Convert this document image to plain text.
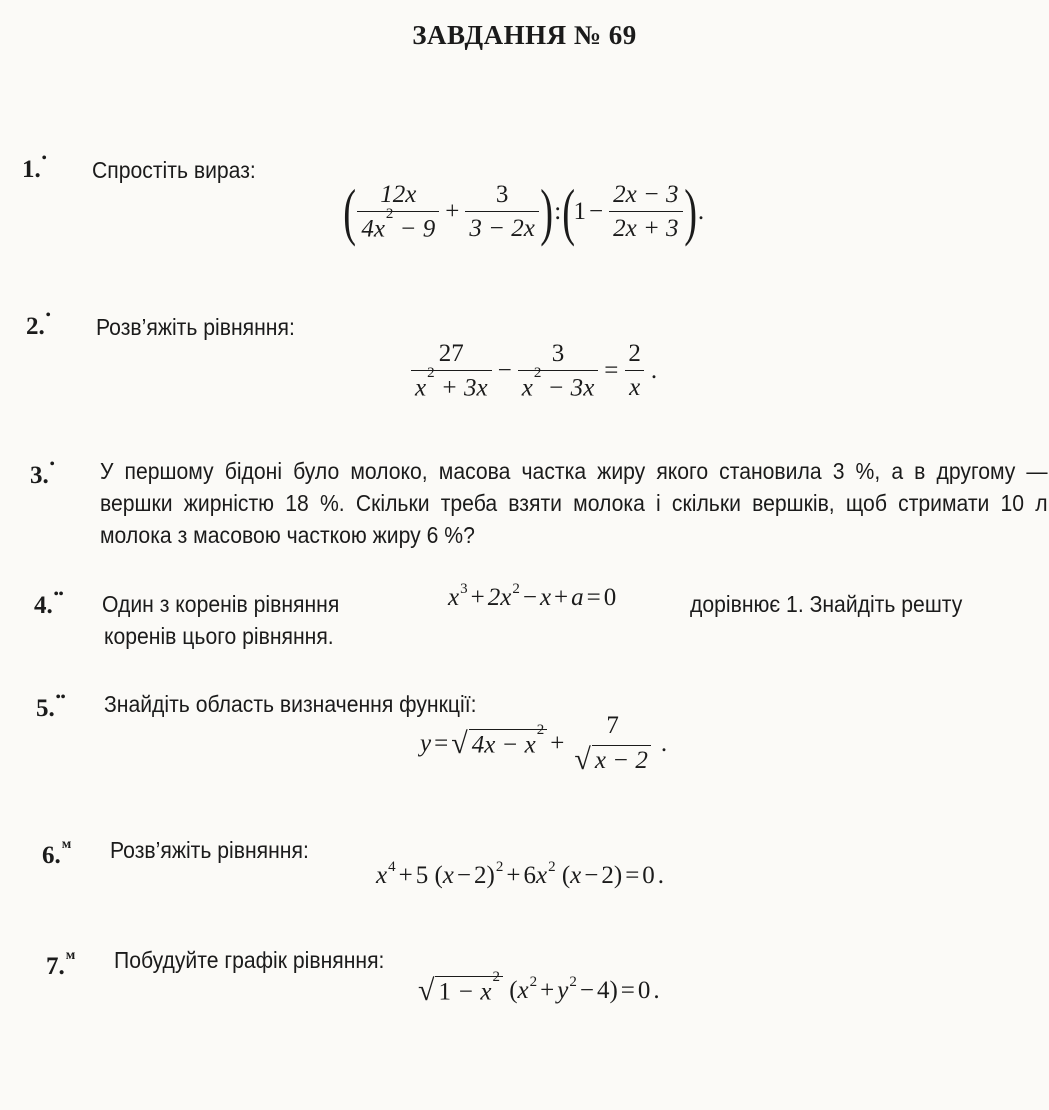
ЗАВДАННЯ № 69
1.• Спростіть вираз:
( $\frac{12x}{4x^2 - 9} + \frac{3}{3 - 2x}$ ) : (
$1 - \frac{2x - 3}{2x + 3}$ ) .
2.• Розв’яжіть рівняння:
$\frac{27}{x^2 + 3x} - \frac{3}{x^2 - 3x} = \frac{2}{x}$ .
3.• У першому бідоні було молоко, масова частка жиру якого становила 3 %, а в другому — вершки жирністю 18 %. Скільки треба взяти молока і скільки вершків, щоб стримати 10 л молока з масовою часткою жиру 6 %?
4.•• Один з коренів рівняння	$x^3 + 2$ $x^2 - x + a = 0$	дорівнює 1. Знайдіть решту
коренів цього рівняння.
5.•• Знайдіть область визначення функції:
y = √ $4x - x^2$
+
7
√ x − 2
.
6.$^м$ Розв’яжіть рівняння:
$x^4 + 5$
( x − 2)$^2$ + 6 $x^2$
( x − 2) = 0 .
7.$^м$ Побудуйте графік рівняння:
√ $1 - x^2$

( $x^2 + y^2 - 4) = 0$ .
